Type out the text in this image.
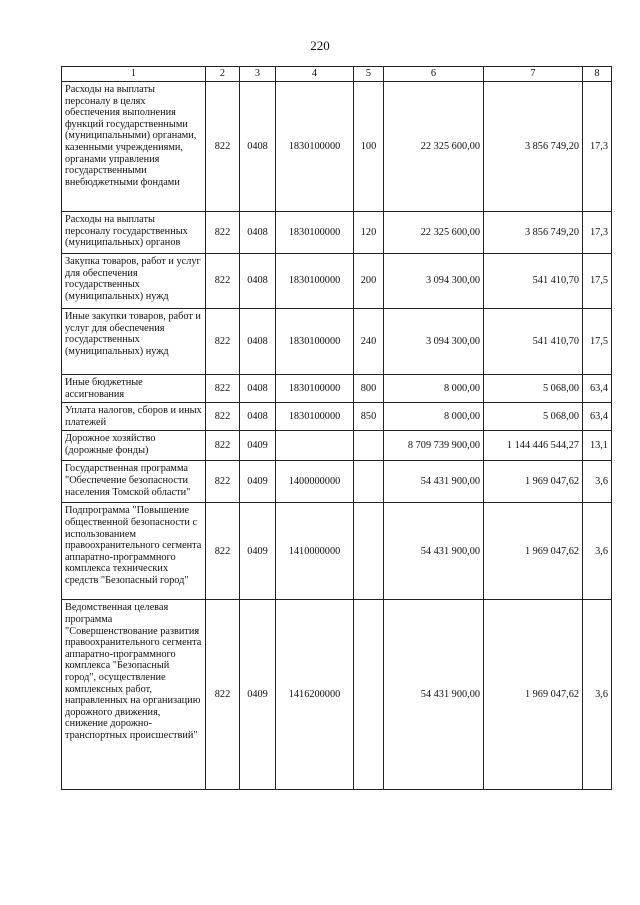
220
1	2	3	4	5	6	7	8
Расходы на выплаты персоналу в целях обеспечения выполнения функций государственными (муниципальными) органами, казенными учреждениями, органами управления государственными внебюджетными фондами	822	0408	1830100000	100	22 325 600,00	3 856 749,20	17,3
Расходы на выплаты персоналу государственных (муниципальных) органов	822	0408	1830100000	120	22 325 600,00	3 856 749,20	17,3
Закупка товаров, работ и услуг для обеспечения государственных (муниципальных) нужд	822	0408	1830100000	200	3 094 300,00	541 410,70	17,5
Иные закупки товаров, работ и услуг для обеспечения государственных (муниципальных) нужд	822	0408	1830100000	240	3 094 300,00	541 410,70	17,5
Иные бюджетные ассигнования	822	0408	1830100000	800	8 000,00	5 068,00	63,4
Уплата налогов, сборов и иных платежей	822	0408	1830100000	850	8 000,00	5 068,00	63,4
Дорожное хозяйство (дорожные фонды)	822	0409			8 709 739 900,00	1 144 446 544,27	13,1
Государственная программа "Обеспечение безопасности населения Томской области"	822	0409	1400000000		54 431 900,00	1 969 047,62	3,6
Подпрограмма "Повышение общественной безопасности с использованием правоохранительного сегмента аппаратно-программного комплекса технических средств "Безопасный город"	822	0409	1410000000		54 431 900,00	1 969 047,62	3,6
Ведомственная целевая программа "Совершенствование развития правоохранительного сегмента аппаратно-программного комплекса "Безопасный город", осуществление комплексных работ, направленных на организацию дорожного движения, снижение дорожно-транспортных происшествий"	822	0409	1416200000		54 431 900,00	1 969 047,62	3,6
